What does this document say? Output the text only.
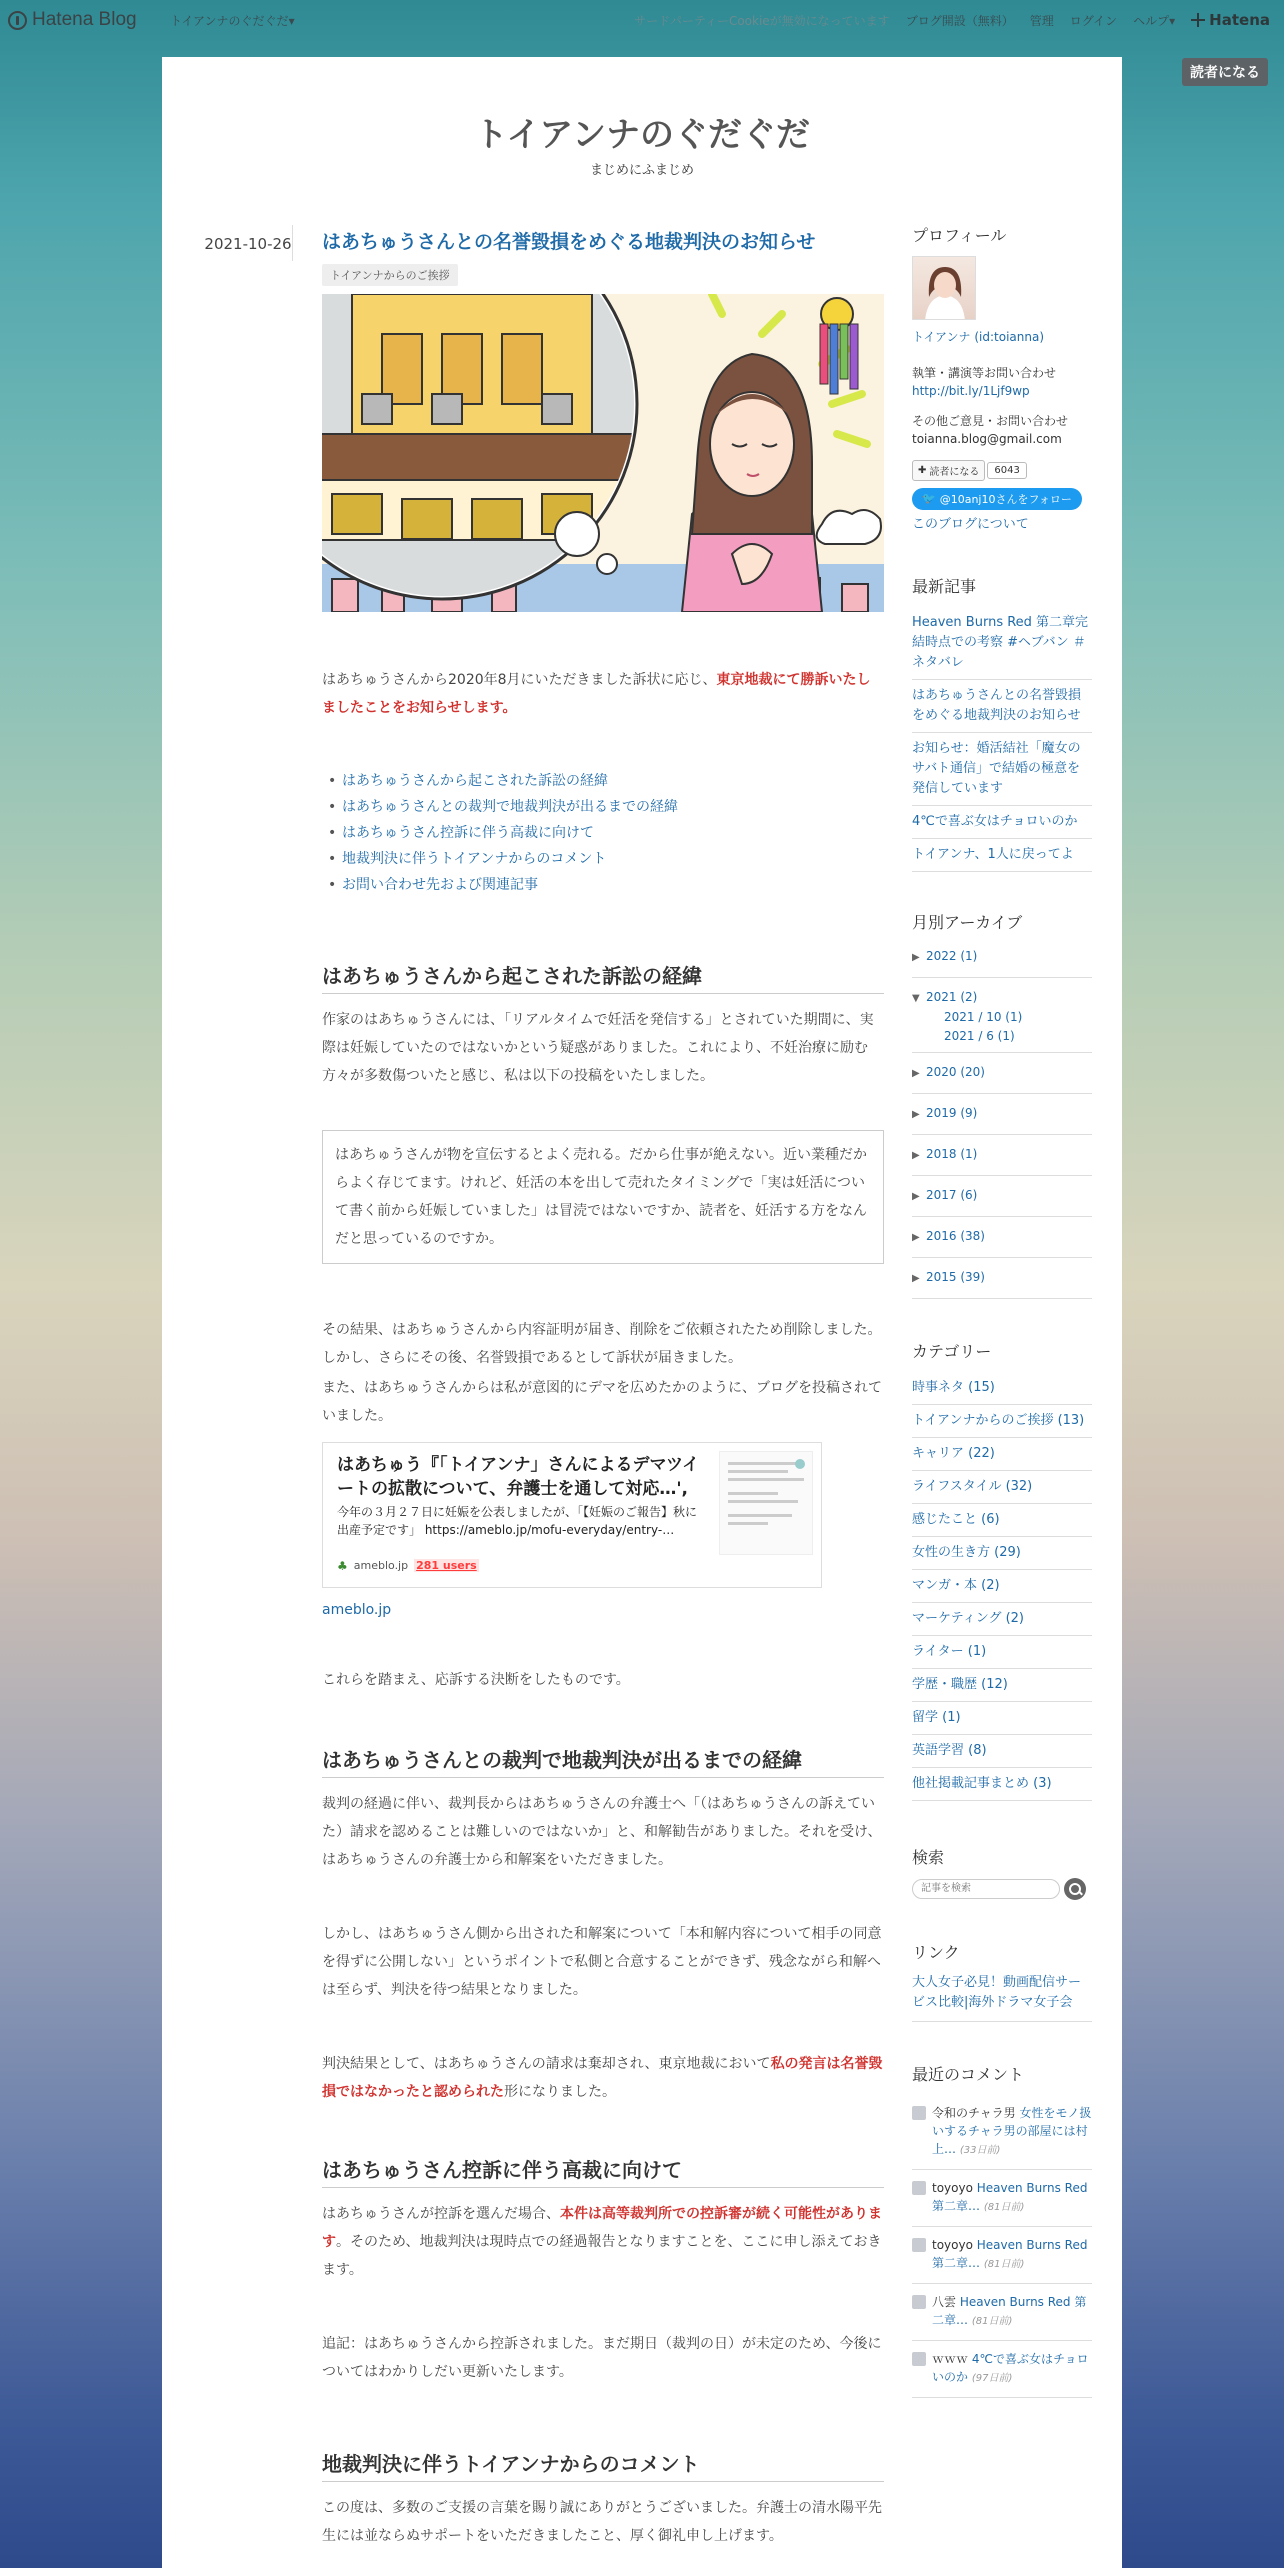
Hatena Blog	トイアンナのぐだぐだ▾	サードパーティーCookieが無効になっています ブログ開設（無料） 管理 ログイン ヘルプ▾ Hatena
読者になる
トイアンナのぐだぐだ
まじめにふまじめ
2021-10-26	はあちゅうさんとの名誉毀損をめぐる地裁判決のお知らせ
トイアンナからのご挨拶

はあちゅうさんから2020年8月にいただきました訴状に応じ、東京地裁にて勝訴いたしましたことをお知らせします。

• はあちゅうさんから起こされた訴訟の経緯
• はあちゅうさんとの裁判で地裁判決が出るまでの経緯
• はあちゅうさん控訴に伴う高裁に向けて
• 地裁判決に伴うトイアンナからのコメント
• お問い合わせ先および関連記事
はあちゅうさんから起こされた訴訟の経緯

作家のはあちゅうさんには、「リアルタイムで妊活を発信する」とされていた期間に、実際は妊娠していたのではないかという疑惑がありました。これにより、不妊治療に励む方々が多数傷ついたと感じ、私は以下の投稿をいたしました。

はあちゅうさんが物を宣伝するとよく売れる。だから仕事が絶えない。近い業種だからよく存じてます。けれど、妊活の本を出して売れたタイミングで「実は妊活について書く前から妊娠していました」は冒涜ではないですか、読者を、妊活する方をなんだと思っているのですか。

その結果、はあちゅうさんから内容証明が届き、削除をご依頼されたため削除しました。しかし、さらにその後、名誉毀損であるとして訴状が届きました。

また、はあちゅうさんからは私が意図的にデマを広めたかのように、ブログを投稿されていました。

はあちゅう『「トイアンナ」さんによるデマツイートの拡散について、弁護士を通して対応…',
今年の３月２７日に妊娠を公表しましたが、「【妊娠のご報告】秋に出産予定です」 https://ameblo.jp/mofu-everyday/entry-…
♣ ameblo.jp 281 users
ameblo.jp

これらを踏まえ、応訴する決断をしたものです。

はあちゅうさんとの裁判で地裁判決が出るまでの経緯

裁判の経過に伴い、裁判長からはあちゅうさんの弁護士へ「（はあちゅうさんの訴えていた）請求を認めることは難しいのではないか」と、和解勧告がありました。それを受け、はあちゅうさんの弁護士から和解案をいただきました。

しかし、はあちゅうさん側から出された和解案について「本和解内容について相手の同意を得ずに公開しない」というポイントで私側と合意することができず、残念ながら和解へは至らず、判決を待つ結果となりました。

判決結果として、はあちゅうさんの請求は棄却され、東京地裁において私の発言は名誉毀損ではなかったと認められた形になりました。

はあちゅうさん控訴に伴う高裁に向けて

はあちゅうさんが控訴を選んだ場合、本件は高等裁判所での控訴審が続く可能性があります。そのため、地裁判決は現時点での経過報告となりますことを、ここに申し添えておきます。

追記：はあちゅうさんから控訴されました。まだ期日（裁判の日）が未定のため、今後についてはわかりしだい更新いたします。

地裁判決に伴うトイアンナからのコメント

この度は、多数のご支援の言葉を賜り誠にありがとうございました。弁護士の清水陽平先生には並ならぬサポートをいただきましたこと、厚く御礼申し上げます。

プロフィール
トイアンナ (id:toianna)
執筆・講演等お問い合わせ
http://bit.ly/1Ljf9wp
その他ご意見・お問い合わせ
toianna.blog@gmail.com
✚ 読者になる 6043
🐦 @10anj10さんをフォロー
このブログについて
最新記事
Heaven Burns Red 第二章完結時点での考察 #ヘブバン ＃ネタバレ
はあちゅうさんとの名誉毀損をめぐる地裁判決のお知らせ
お知らせ：婚活結社「魔女のサバト通信」で結婚の極意を発信しています
4℃で喜ぶ女はチョロいのか
トイアンナ、1人に戻ってよ
月別アーカイブ
▶ 2022 (1)
▼ 2021 (2)
2021 / 10 (1)
2021 / 6 (1)
▶ 2020 (20)
▶ 2019 (9)
▶ 2018 (1)
▶ 2017 (6)
▶ 2016 (38)
▶ 2015 (39)
カテゴリー
時事ネタ (15)
トイアンナからのご挨拶 (13)
キャリア (22)
ライフスタイル (32)
感じたこと (6)
女性の生き方 (29)
マンガ・本 (2)
マーケティング (2)
ライター (1)
学歴・職歴 (12)
留学 (1)
英語学習 (8)
他社掲載記事まとめ (3)
検索
記事を検索
リンク
大人女子必見！動画配信サービス比較|海外ドラマ女子会
最近のコメント
令和のチャラ男 女性をモノ扱いするチャラ男の部屋には村上… (33日前)
toyoyo Heaven Burns Red 第二章… (81日前)
toyoyo Heaven Burns Red 第二章… (81日前)
八雲 Heaven Burns Red 第二章… (81日前)
ｗｗｗ 4℃で喜ぶ女はチョロいのか (97日前)
